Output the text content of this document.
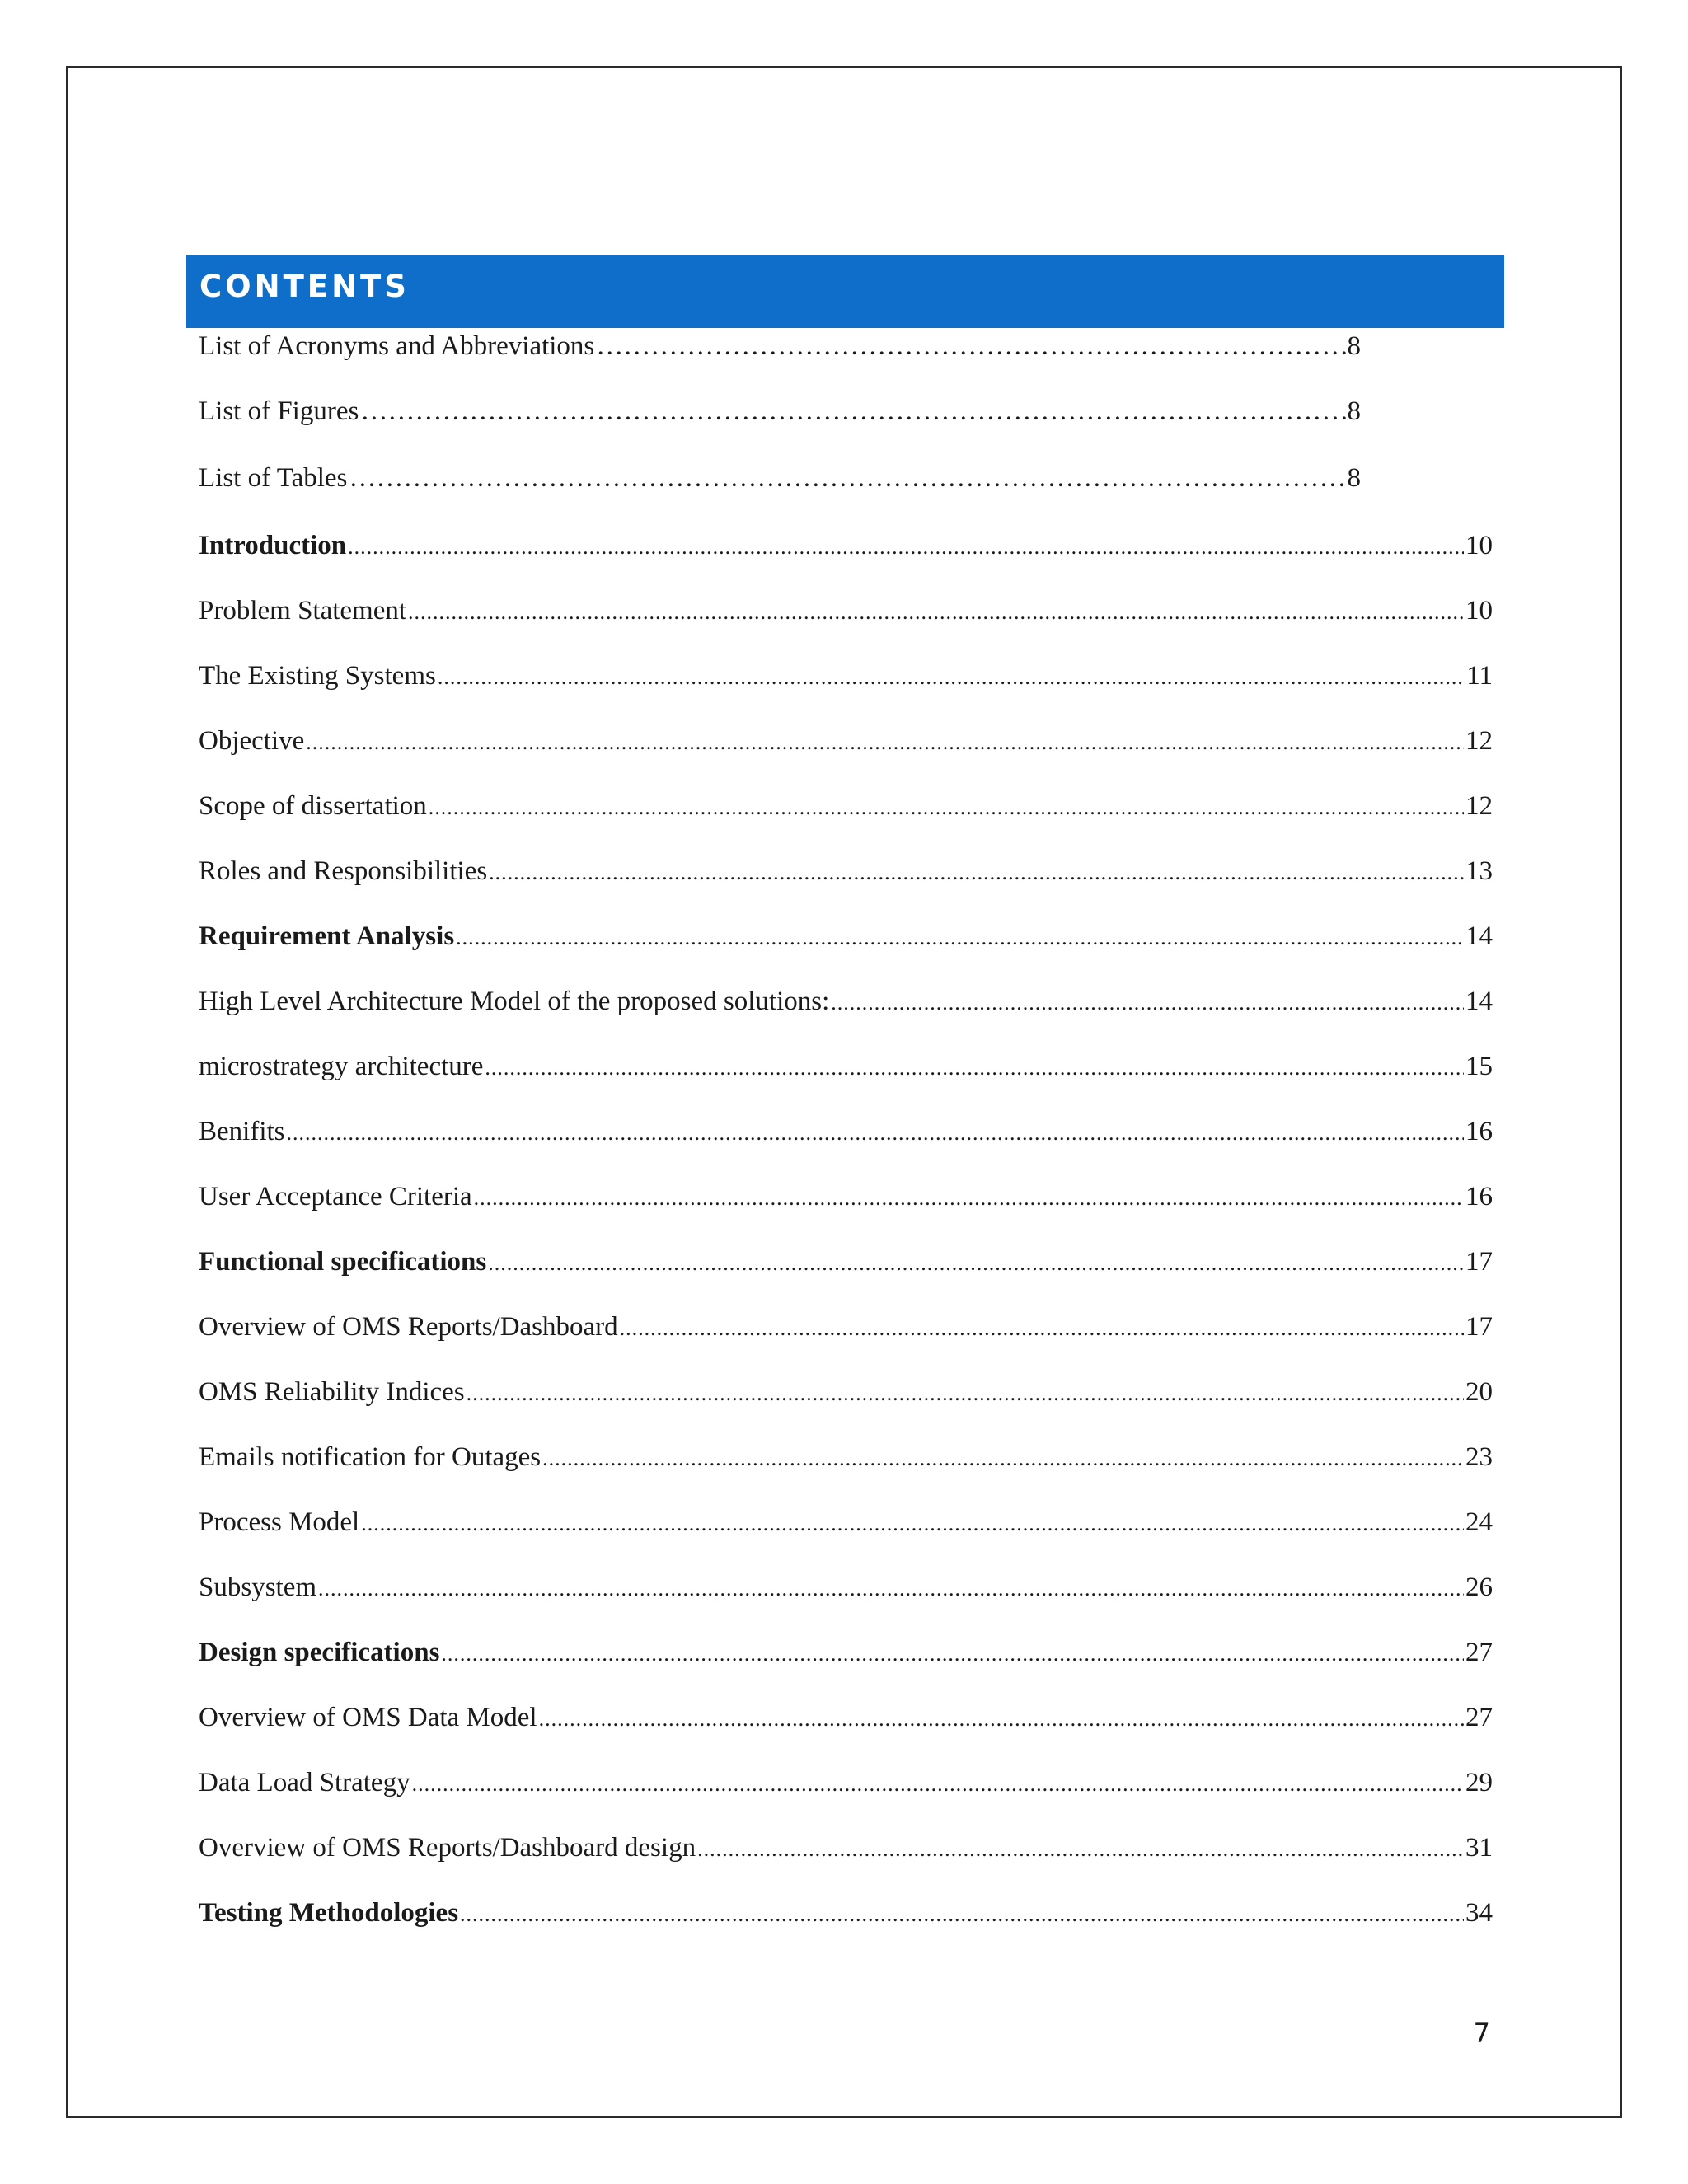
CONTENTS
List of Acronyms and Abbreviations ………………………………………………………………………………………………………………………………………………………………………………………………………	8
List of Figures ………………………………………………………………………………………………………………………………………………………………………………………………………	8
List of Tables ………………………………………………………………………………………………………………………………………………………………………………………………………	8
Introduction .....	10
Problem Statement .....	10
The Existing Systems .....	11
Objective .....	12
Scope of dissertation .....	12
Roles and Responsibilities .....	13
Requirement Analysis .....	14
High Level Architecture Model of the proposed solutions: .....	14
microstrategy architecture .....	15
Benifits .....	16
User Acceptance Criteria .....	16
Functional specifications .....	17
Overview of OMS Reports/Dashboard .....	17
OMS Reliability Indices .....	20
Emails notification for Outages .....	23
Process Model .....	24
Subsystem .....	26
Design specifications .....	27
Overview of OMS Data Model .....	27
Data Load Strategy .....	29
Overview of OMS Reports/Dashboard design .....	31
Testing Methodologies .....	34
7
